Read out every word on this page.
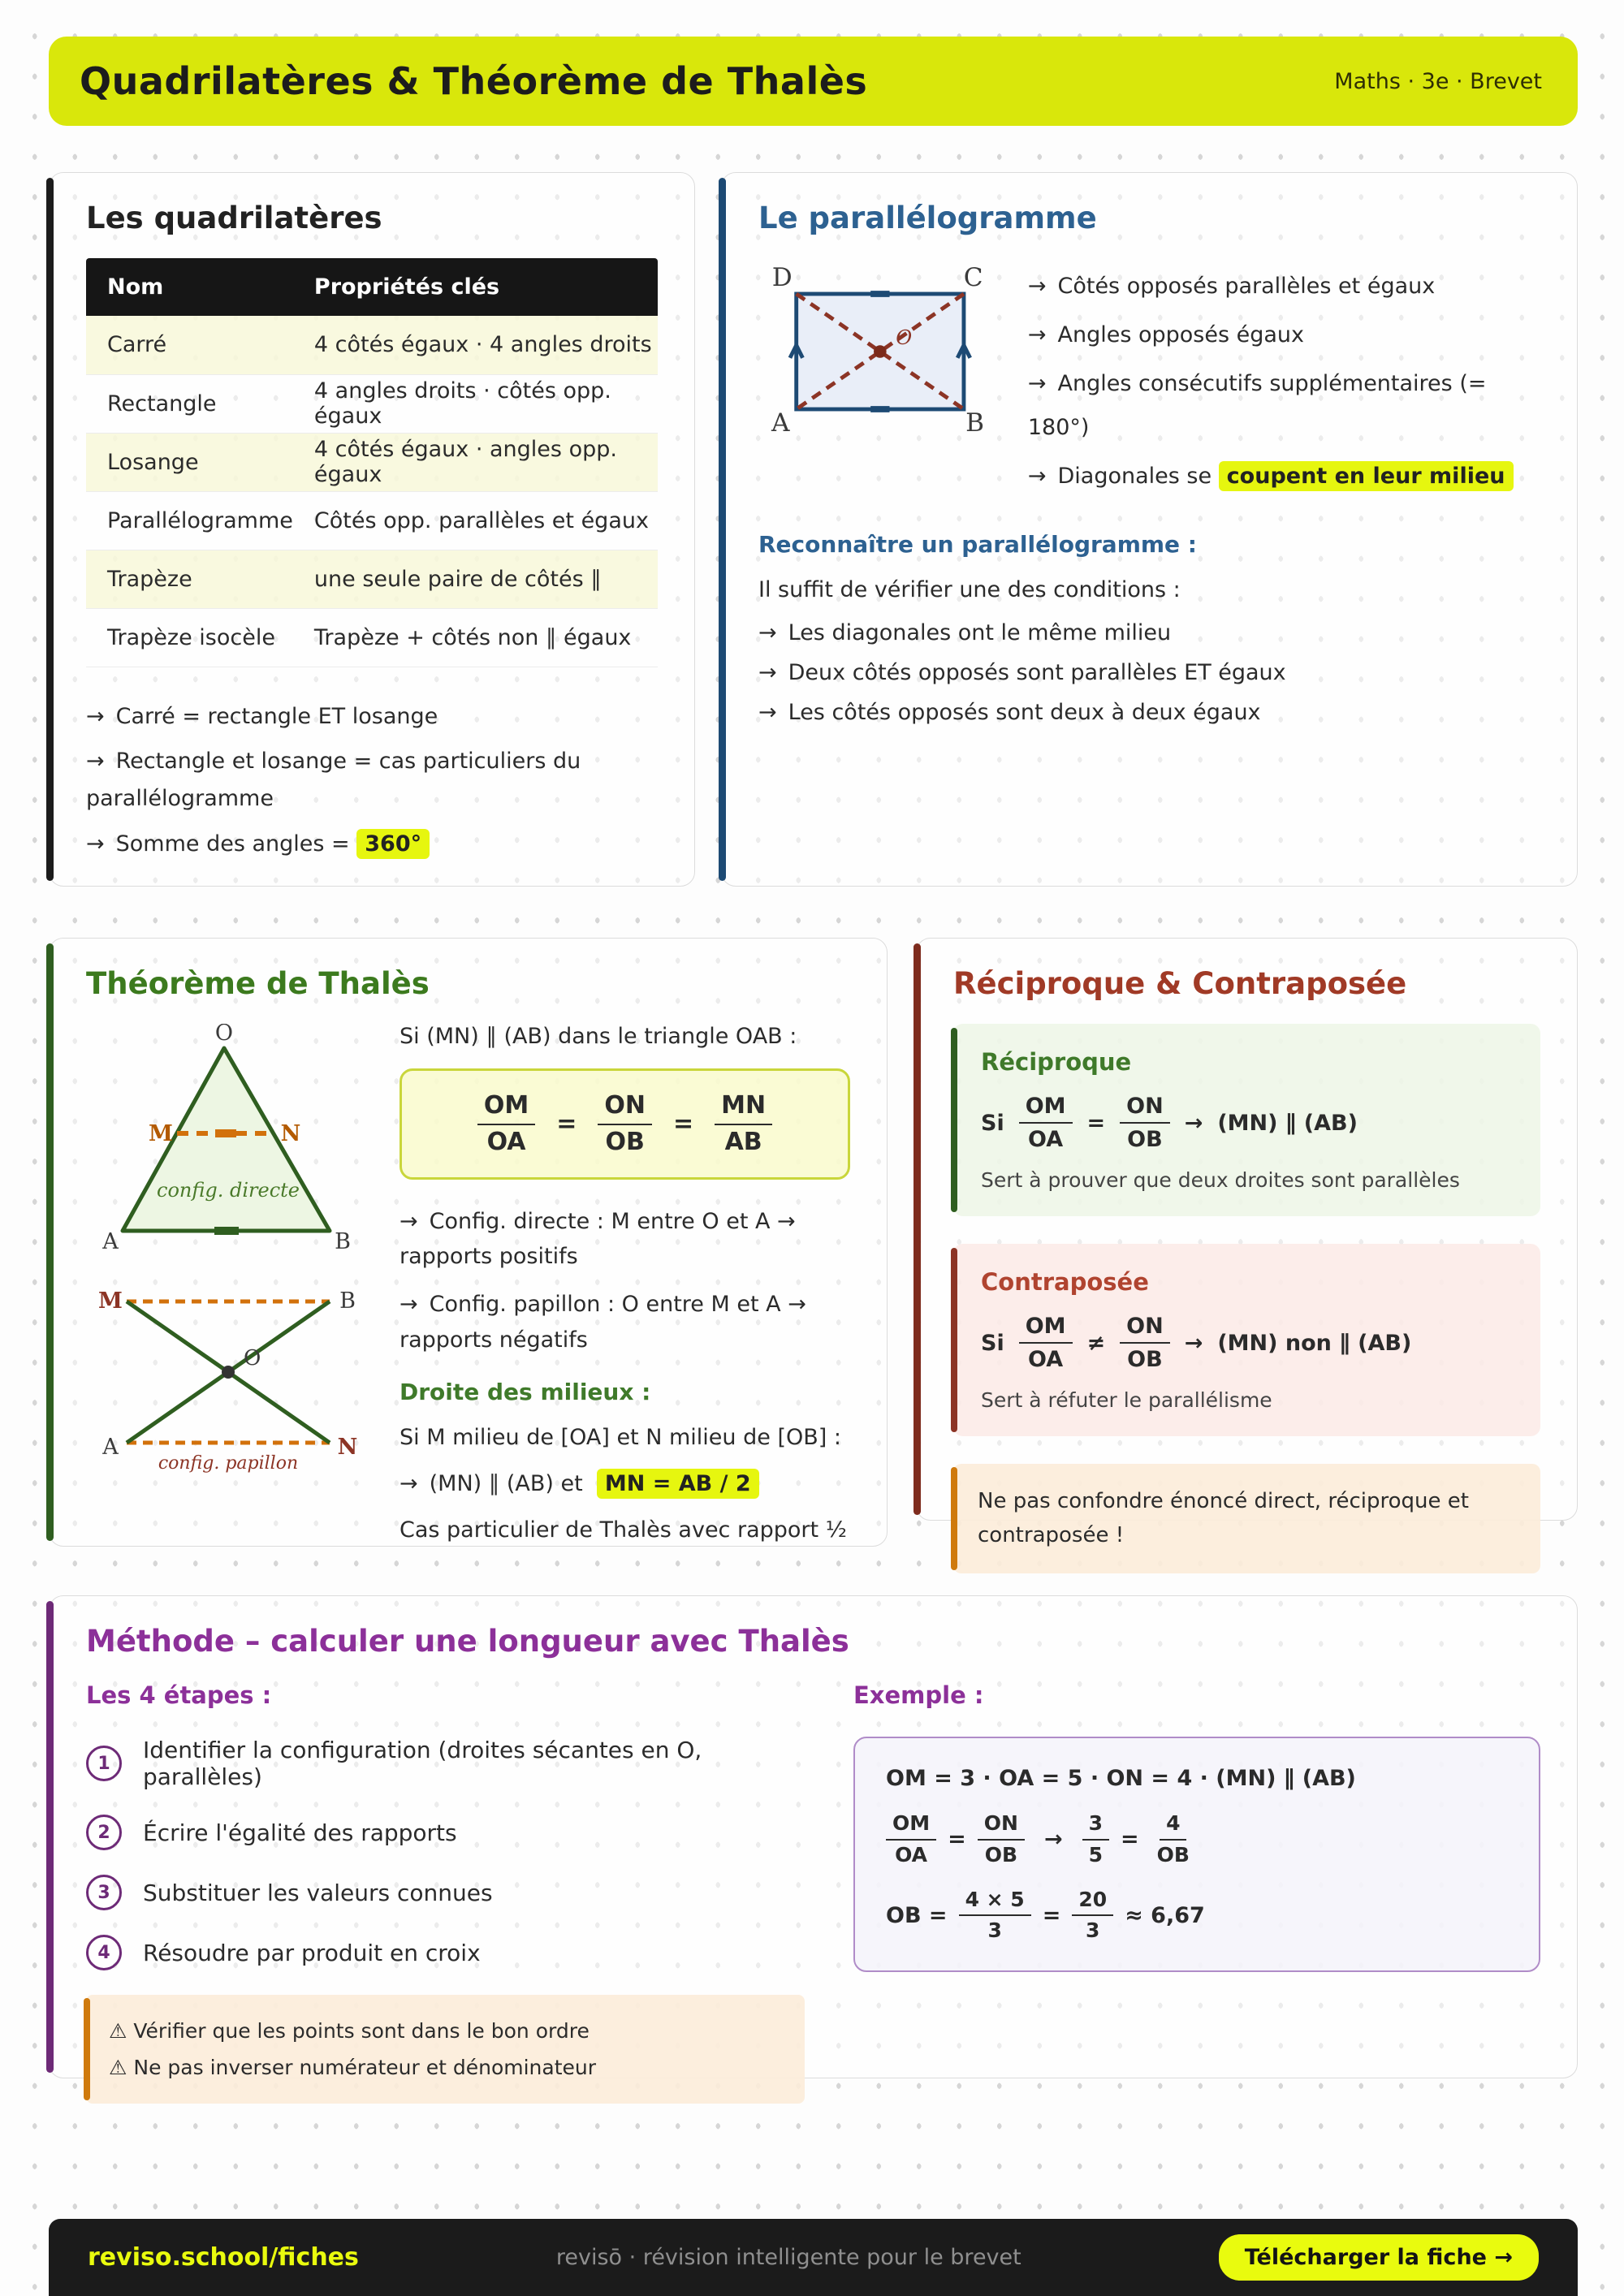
Quadrilatères & Théorème de Thalès	Maths · 3e · Brevet
Les quadrilatères
Nom	Propriétés clés
Carré	4 côtés égaux · 4 angles droits
Rectangle	4 angles droits · côtés opp. égaux
Losange	4 côtés égaux · angles opp. égaux
Parallélogramme	Côtés opp. parallèles et égaux
Trapèze	une seule paire de côtés ∥
Trapèze isocèle	Trapèze + côtés non ∥ égaux
→ Carré = rectangle ET losange
→ Rectangle et losange = cas particuliers du parallélogramme
→ Somme des angles = 360°
Le parallélogramme
O
D	C
A	B
→ Côtés opposés parallèles et égaux
→ Angles opposés égaux
→ Angles consécutifs supplémentaires (= 180°)
→ Diagonales se coupent en leur milieu
Reconnaître un parallélogramme :
Il suffit de vérifier une des conditions :
→ Les diagonales ont le même milieu
→ Deux côtés opposés sont parallèles ET égaux
→ Les côtés opposés sont deux à deux égaux
Théorème de Thalès
O
M	N
A	B
config. directe
O
M	B
A	N
config. papillon
Si (MN) ∥ (AB) dans le triangle OAB :
$\frac{OM}{OA} = \frac{ON}{OB} = \frac{MN}{AB}$
→ Config. directe : M entre O et A → rapports positifs
→ Config. papillon : O entre M et A → rapports négatifs
Droite des milieux :
Si M milieu de [OA] et N milieu de [OB] :
→ (MN) ∥ (AB) et MN = AB / 2
Cas particulier de Thalès avec rapport ½
Réciproque & Contraposée
Réciproque
Si $\frac{OM}{OA} = \frac{ON}{OB} \to (MN)$ ∥ (AB)
Sert à prouver que deux droites sont parallèles
Contraposée
Si $\frac{OM}{OA} \ne \frac{ON}{OB} \to (MN)$ non ∥ (AB)
Sert à réfuter le parallélisme
Ne pas confondre énoncé direct, réciproque et contraposée !
Méthode – calculer une longueur avec Thalès
Les 4 étapes :
1	Identifier la configuration (droites sécantes en O, parallèles)
2	Écrire l'égalité des rapports
3	Substituer les valeurs connues
4	Résoudre par produit en croix
⚠ Vérifier que les points sont dans le bon ordre
⚠ Ne pas inverser numérateur et dénominateur
Exemple :
OM = 3 · OA = 5 · ON = 4 · (MN) ∥ (AB)
$\frac{OM}{OA} = \frac{ON}{OB} \to \frac{3}{5} = \frac{4}{OB}$
OB = $\frac{4 \times 5}{3} = \frac{20}{3} \approx 6,67$
reviso.school/fiches	revisō · révision intelligente pour le brevet	Télécharger la fiche →
